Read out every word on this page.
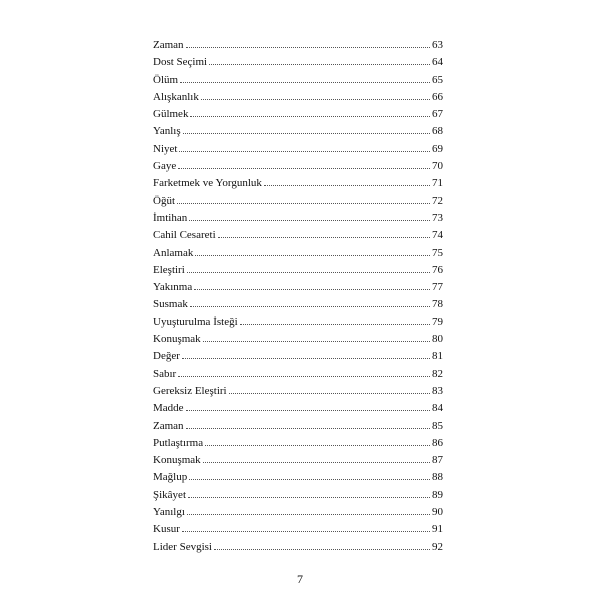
Zaman	63
Dost Seçimi	64
Ölüm	65
Alışkanlık	66
Gülmek	67
Yanlış	68
Niyet	69
Gaye	70
Farketmek ve Yorgunluk	71
Öğüt	72
İmtihan	73
Cahil Cesareti	74
Anlamak	75
Eleştiri	76
Yakınma	77
Susmak	78
Uyuşturulma İsteği	79
Konuşmak	80
Değer	81
Sabır	82
Gereksiz Eleştiri	83
Madde	84
Zaman	85
Putlaştırma	86
Konuşmak	87
Mağlup	88
Şikâyet	89
Yanılgı	90
Kusur	91
Lider Sevgisi	92
7
